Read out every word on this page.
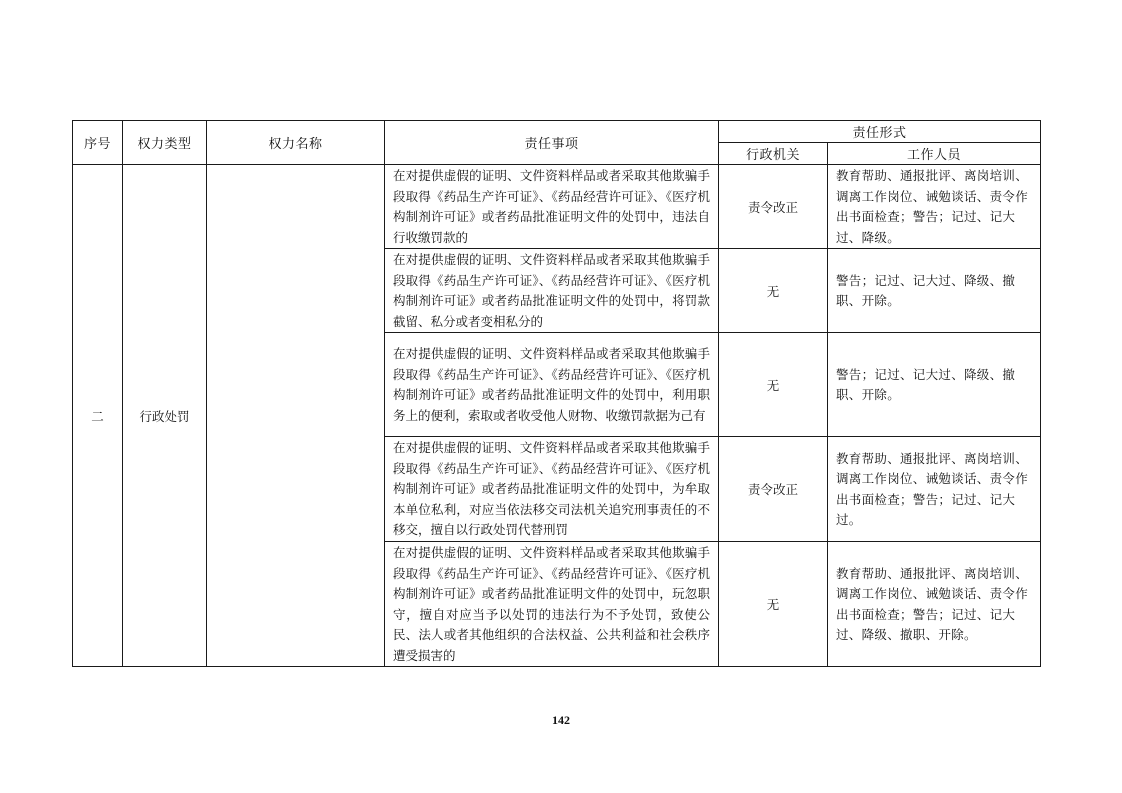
序号	权力类型	权力名称	责任事项	责任形式	
				行政机关	工作人员
二	行政处罚		在对提供虚假的证明、文件资料样品或者采取其他欺骗手段取得《药品生产许可证》、《药品经营许可证》、《医疗机构制剂许可证》或者药品批准证明文件的处罚中，违法自行收缴罚款的	责令改正	教育帮助、通报批评、离岗培训、调离工作岗位、诫勉谈话、责令作出书面检查；警告；记过、记大过、降级。
			在对提供虚假的证明、文件资料样品或者采取其他欺骗手段取得《药品生产许可证》、《药品经营许可证》、《医疗机构制剂许可证》或者药品批准证明文件的处罚中，将罚款截留、私分或者变相私分的	无	警告；记过、记大过、降级、撤职、开除。
			在对提供虚假的证明、文件资料样品或者采取其他欺骗手段取得《药品生产许可证》、《药品经营许可证》、《医疗机构制剂许可证》或者药品批准证明文件的处罚中，利用职务上的便利，索取或者收受他人财物、收缴罚款据为己有	无	警告；记过、记大过、降级、撤职、开除。
			在对提供虚假的证明、文件资料样品或者采取其他欺骗手段取得《药品生产许可证》、《药品经营许可证》、《医疗机构制剂许可证》或者药品批准证明文件的处罚中，为牟取本单位私利，对应当依法移交司法机关追究刑事责任的不移交，擅自以行政处罚代替刑罚	责令改正	教育帮助、通报批评、离岗培训、调离工作岗位、诫勉谈话、责令作出书面检查；警告；记过、记大过。
			在对提供虚假的证明、文件资料样品或者采取其他欺骗手段取得《药品生产许可证》、《药品经营许可证》、《医疗机构制剂许可证》或者药品批准证明文件的处罚中，玩忽职守，擅自对应当予以处罚的违法行为不予处罚，致使公民、法人或者其他组织的合法权益、公共利益和社会秩序遭受损害的	无	教育帮助、通报批评、离岗培训、调离工作岗位、诫勉谈话、责令作出书面检查；警告；记过、记大过、降级、撤职、开除。
142
